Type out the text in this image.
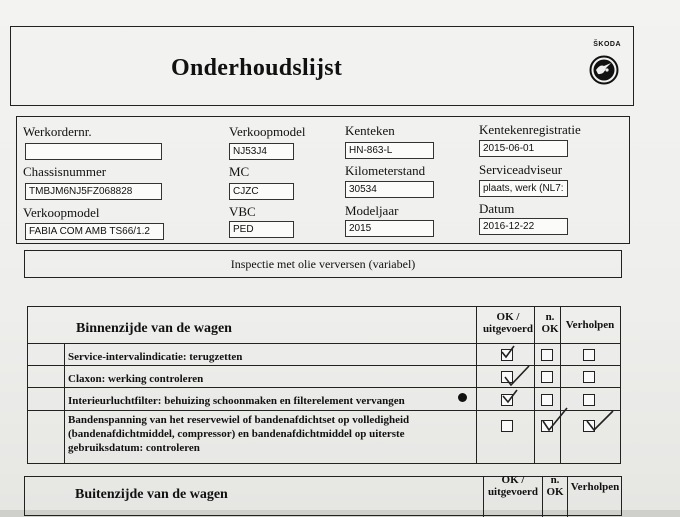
Onderhoudslijst
ŠKODA
Werkordernr.	Verkoopmodel
NJ53J4
Kenteken
HN-863-L
Kentekenregistratie
2015-06-01
Chassisnummer
TMBJM6NJ5FZ068828
MC
CJZC
Kilometerstand
30534
Serviceadviseur
plaats, werk (NL7:
Verkoopmodel
FABIA COM AMB TS66/1.2
VBC
PED
Modeljaar
2015
Datum
2016-12-22
Inspectie met olie verversen (variabel)
Binnenzijde van de wagen
OK /
uitgevoerd
n.
OK Verholpen
Service-intervalindicatie: terugzetten
Claxon: werking controleren
Interieurluchtfilter: behuizing schoonmaken en filterelement vervangen
Bandenspanning van het reservewiel of bandenafdichtset op volledigheid
(bandenafdichtmiddel, compressor) en bandenafdichtmiddel op uiterste
gebruiksdatum: controleren
Buitenzijde van de wagen
OK /
uitgevoerd
n.
OK Verholpen
